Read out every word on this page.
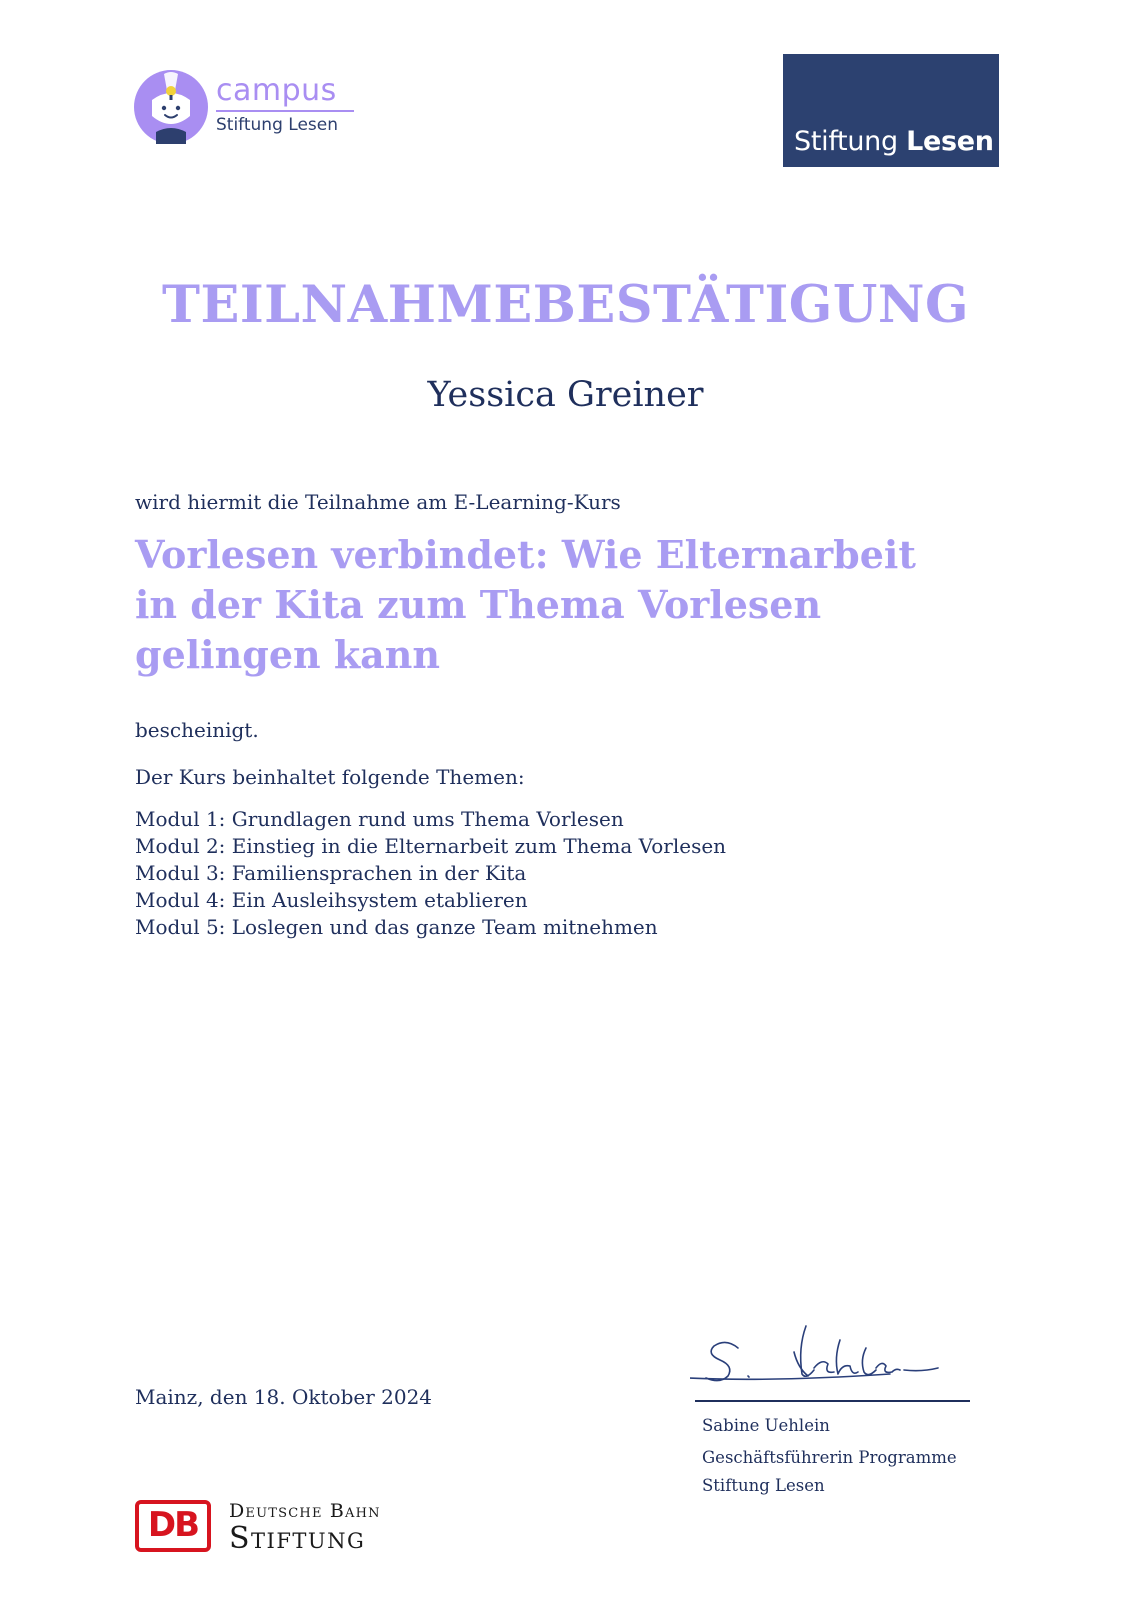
campus
Stiftung Lesen
Stiftung Lesen
TEILNAHMEBESTÄTIGUNG
Yessica Greiner
wird hiermit die Teilnahme am E-Learning-Kurs
Vorlesen verbindet: Wie Elternarbeit
in der Kita zum Thema Vorlesen
gelingen kann
bescheinigt.
Der Kurs beinhaltet folgende Themen:
Modul 1: Grundlagen rund ums Thema Vorlesen
Modul 2: Einstieg in die Elternarbeit zum Thema Vorlesen
Modul 3: Familiensprachen in der Kita
Modul 4: Ein Ausleihsystem etablieren
Modul 5: Loslegen und das ganze Team mitnehmen
Mainz, den 18. Oktober 2024
Sabine Uehlein
Geschäftsführerin Programme
Stiftung Lesen
DB	Deutsche Bahn
Stiftung
